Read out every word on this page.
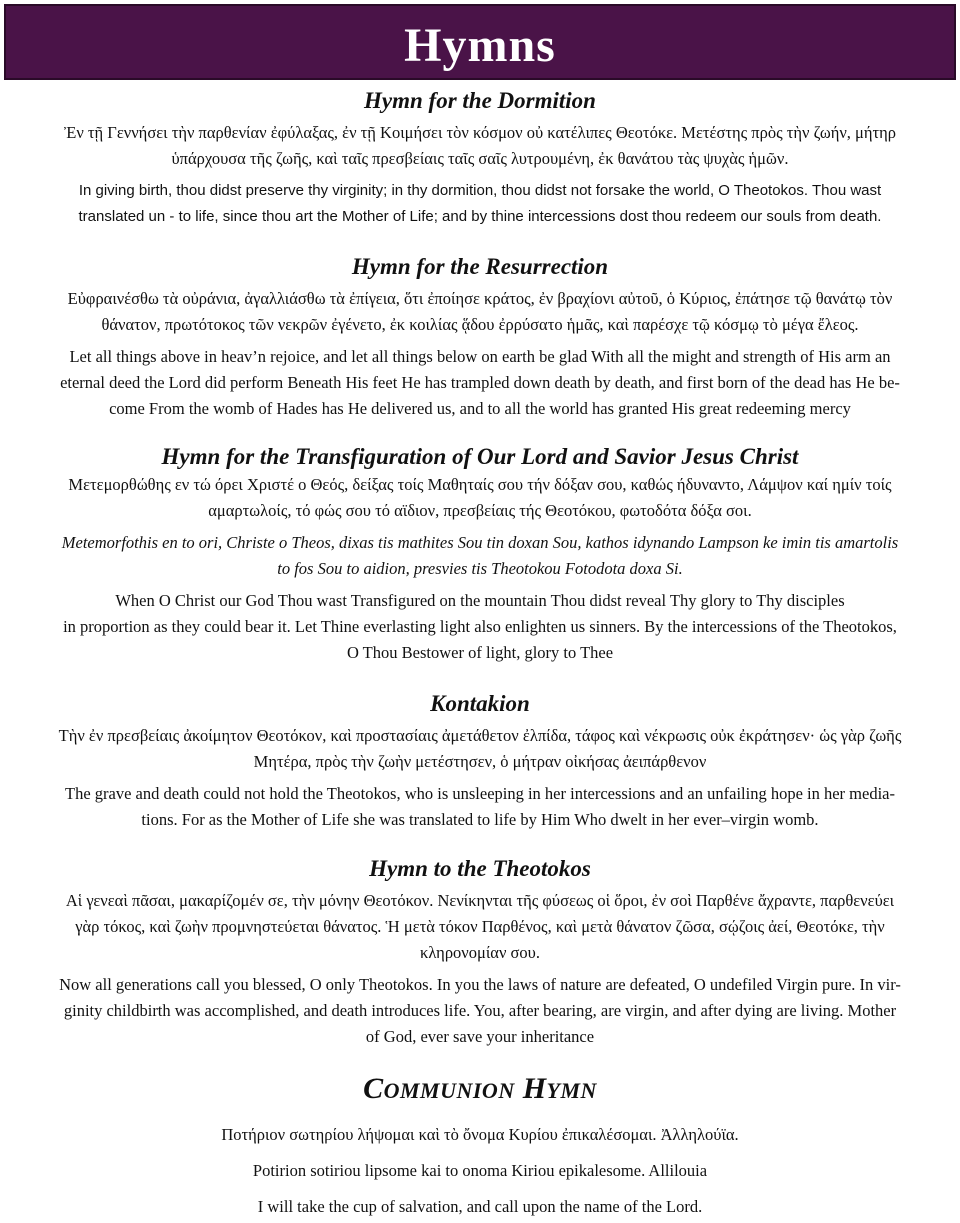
Hymns
Hymn for the Dormition

Ἐν τῇ Γεννήσει τὴν παρθενίαν ἐφύλαξας, ἐν τῇ Κοιμήσει τὸν κόσμον οὐ κατέλιπες Θεοτόκε. Μετέστης πρὸς τὴν ζωήν, μήτηρ
ὑπάρχουσα τῆς ζωῆς, καὶ ταῖς πρεσβείαις ταῖς σαῖς λυτρουμένη, ἐκ θανάτου τὰς ψυχὰς ἡμῶν.

In giving birth, thou didst preserve thy virginity; in thy dormition, thou didst not forsake the world, O Theotokos. Thou wast
translated un - to life, since thou art the Mother of Life; and by thine intercessions dost thou redeem our souls from death.

Hymn for the Resurrection

Εὐφραινέσθω τὰ οὐράνια, ἀγαλλιάσθω τὰ ἐπίγεια, ὅτι ἐποίησε κράτος, ἐν βραχίονι αὐτοῦ, ὁ Κύριος, ἐπάτησε τῷ θανάτῳ τὸν
θάνατον, πρωτότοκος τῶν νεκρῶν ἐγένετο, ἐκ κοιλίας ᾅδου ἐρρύσατο ἡμᾶς, καὶ παρέσχε τῷ κόσμῳ τὸ μέγα ἔλεος.

Let all things above in heav’n rejoice, and let all things below on earth be glad With all the might and strength of His arm an
eternal deed the Lord did perform Beneath His feet He has trampled down death by death, and first born of the dead has He be-
come From the womb of Hades has He delivered us, and to all the world has granted His great redeeming mercy

Hymn for the Transfiguration of Our Lord and Savior Jesus Christ

Μετεμορθώθης εν τώ όρει Χριστέ ο Θεός, δείξας τοίς Μαθηταίς σου τήν δόξαν σου, καθώς ήδυναντο, Λάμψον καί ημίν τοίς
αμαρτωλοίς, τό φώς σου τό αϊδιον, πρεσβείαις τής Θεοτόκου, φωτοδότα δόξα σοι.

Metemorfothis en to ori, Christe o Theos, dixas tis mathites Sou tin doxan Sou, kathos idynando Lampson ke imin tis amartolis
to fos Sou to aidion, presvies tis Theotokou Fotodota doxa Si.

When O Christ our God Thou wast Transfigured on the mountain Thou didst reveal Thy glory to Thy disciples
in proportion as they could bear it. Let Thine everlasting light also enlighten us sinners. By the intercessions of the Theotokos,
O Thou Bestower of light, glory to Thee

Kontakion

Τὴν ἐν πρεσβείαις ἀκοίμητον Θεοτόκον, καὶ προστασίαις ἀμετάθετον ἐλπίδα, τάφος καὶ νέκρωσις οὐκ ἐκράτησεν· ὡς γὰρ ζωῆς
Μητέρα, πρὸς τὴν ζωὴν μετέστησεν, ὁ μήτραν οἰκήσας ἀειπάρθενον

The grave and death could not hold the Theotokos, who is unsleeping in her intercessions and an unfailing hope in her media-
tions. For as the Mother of Life she was translated to life by Him Who dwelt in her ever–virgin womb.

Hymn to the Theotokos

Αἱ γενεαὶ πᾶσαι, μακαρίζομέν σε, τὴν μόνην Θεοτόκον. Νενίκηνται τῆς φύσεως οἱ ὅροι, ἐν σοὶ Παρθένε ἄχραντε, παρθενεύει
γὰρ τόκος, καὶ ζωὴν προμνηστεύεται θάνατος. Ἡ μετὰ τόκον Παρθένος, καὶ μετὰ θάνατον ζῶσα, σῴζοις ἀεί, Θεοτόκε, τὴν
κληρονομίαν σου.

Now all generations call you blessed, O only Theotokos. In you the laws of nature are defeated, O undefiled Virgin pure. In vir-
ginity childbirth was accomplished, and death introduces life. You, after bearing, are virgin, and after dying are living. Mother
of God, ever save your inheritance

COMMUNION HYMN

Ποτήριον σωτηρίου λήψομαι καὶ τὸ ὄνομα Κυρίου ἐπικαλέσομαι. Ἀλληλούϊα.

Potirion sotiriou lipsome kai to onoma Kiriou epikalesome. Allilouia

I will take the cup of salvation, and call upon the name of the Lord.
